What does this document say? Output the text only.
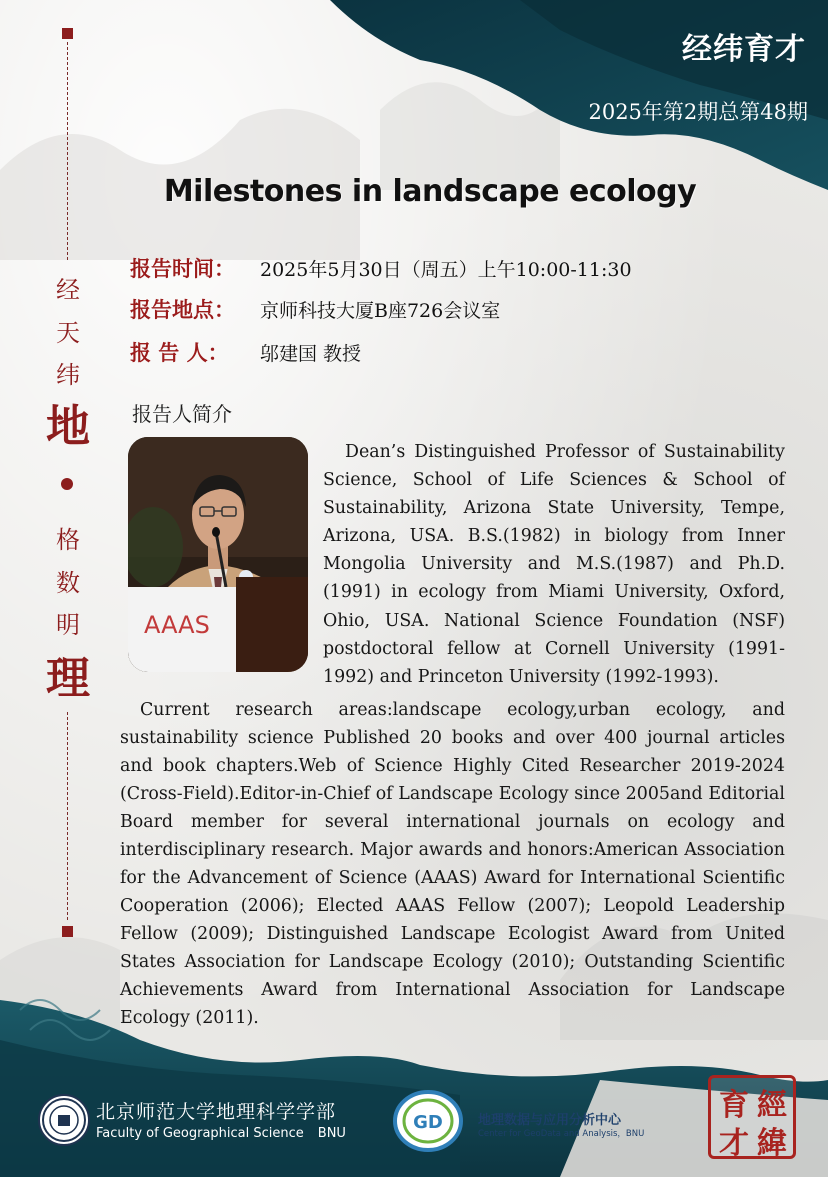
经纬育才
2025年第2期总第48期
Milestones in landscape ecology
经
天
纬
地
格
数
明
理
报告时间：	2025年5月30日（周五）上午10:00-11:30
报告地点：	京师科技大厦B座726会议室
报 告 人：	邬建国 教授
报告人简介
AAAS
Dean’s Distinguished Professor of Sustainability Science, School of Life Sciences & School of Sustainability, Arizona State University, Tempe, Arizona, USA. B.S.(1982) in biology from Inner Mongolia University and M.S.(1987) and Ph.D. (1991) in ecology from Miami University, Oxford, Ohio, USA. National Science Foundation (NSF) postdoctoral fellow at Cornell University (1991-1992) and Princeton University (1992-1993).
Current research areas:landscape ecology,urban ecology, and sustainability science Published 20 books and over 400 journal articles and book chapters.Web of Science Highly Cited Researcher 2019-2024 (Cross-Field).Editor-in-Chief of Landscape Ecology since 2005and Editorial Board member for several international journals on ecology and interdisciplinary research. Major awards and honors:American Association for the Advancement of Science (AAAS) Award for International Scientific Cooperation (2006); Elected AAAS Fellow (2007); Leopold Leadership Fellow (2009); Distinguished Landscape Ecologist Award from United States Association for Landscape Ecology (2010); Outstanding Scientific Achievements Award from International Association for Landscape Ecology (2011).
北京师范大学地理科学学部
Faculty of Geographical Science BNU
GD	地理数据与应用分析中心
Center for GeoData and Analysis，BNU
經
緯
育
才
